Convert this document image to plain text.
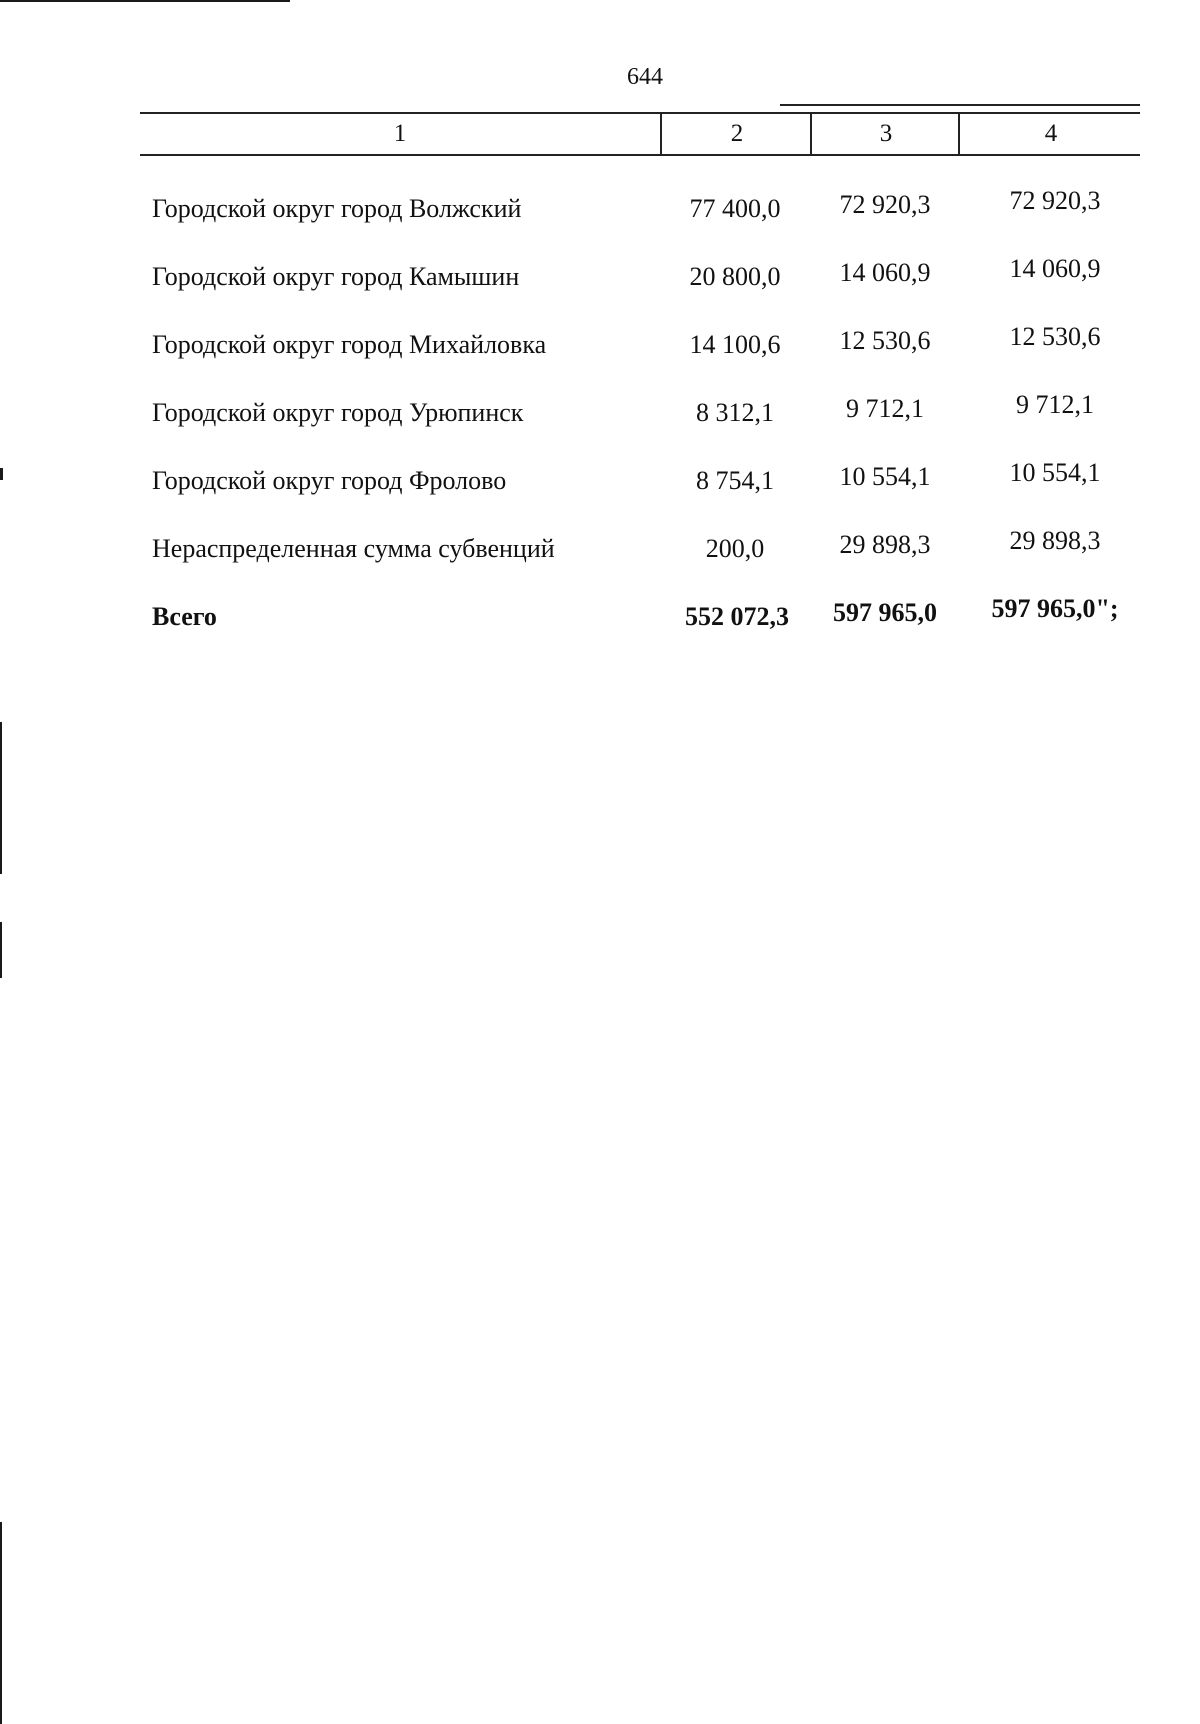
644
1	2	3	4
Городской округ город Волжский	77 400,0	72 920,3	72 920,3
Городской округ город Камышин	20 800,0	14 060,9	14 060,9
Городской округ город Михайловка	14 100,6	12 530,6	12 530,6
Городской округ город Урюпинск	8 312,1	9 712,1	9 712,1
Городской округ город Фролово	8 754,1	10 554,1	10 554,1
Нераспределенная сумма субвенций	200,0	29 898,3	29 898,3
Всего	552 072,3	597 965,0	597 965,0";
